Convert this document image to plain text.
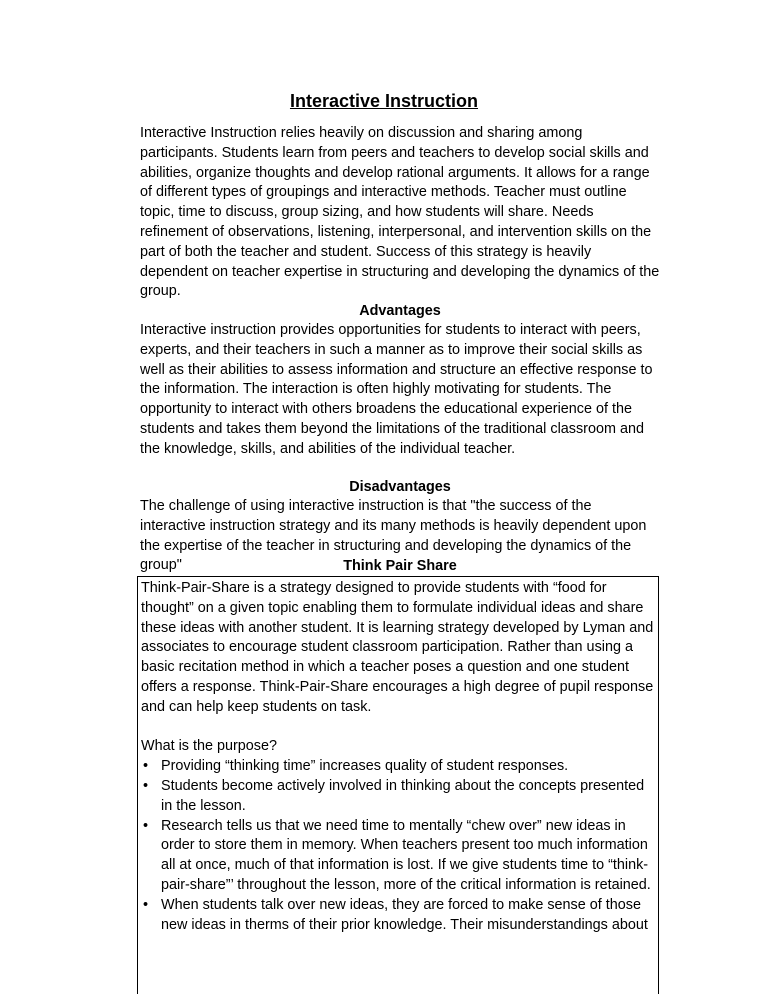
Interactive Instruction

Interactive Instruction relies heavily on discussion and sharing among participants. Students learn from peers and teachers to develop social skills and abilities, organize thoughts and develop rational arguments. It allows for a range of different types of groupings and interactive methods. Teacher must outline topic, time to discuss, group sizing, and how students will share. Needs refinement of observations, listening, interpersonal, and intervention skills on the part of both the teacher and student. Success of this strategy is heavily dependent on teacher expertise in structuring and developing the dynamics of the group.

Advantages

Interactive instruction provides opportunities for students to interact with peers, experts, and their teachers in such a manner as to improve their social skills as well as their abilities to assess information and structure an effective response to the information. The interaction is often highly motivating for students. The opportunity to interact with others broadens the educational experience of the students and takes them beyond the limitations of the traditional classroom and the knowledge, skills, and abilities of the individual teacher.

Disadvantages

The challenge of using interactive instruction is that "the success of the interactive instruction strategy and its many methods is heavily dependent upon the expertise of the teacher in structuring and developing the dynamics of the group"	Think Pair Share

Think-Pair-Share is a strategy designed to provide students with “food for thought” on a given topic enabling them to formulate individual ideas and share these ideas with another student. It is learning strategy developed by Lyman and associates to encourage student classroom participation. Rather than using a basic recitation method in which a teacher poses a question and one student offers a response. Think-Pair-Share encourages a high degree of pupil response and can help keep students on task.

What is the purpose?

• Providing “thinking time” increases quality of student responses.
• Students become actively involved in thinking about the concepts presented in the lesson.
• Research tells us that we need time to mentally “chew over” new ideas in order to store them in memory. When teachers present too much information all at once, much of that information is lost. If we give students time to “think-pair-share”’ throughout the lesson, more of the critical information is retained.
• When students talk over new ideas, they are forced to make sense of those new ideas in therms of their prior knowledge. Their misunderstandings about
